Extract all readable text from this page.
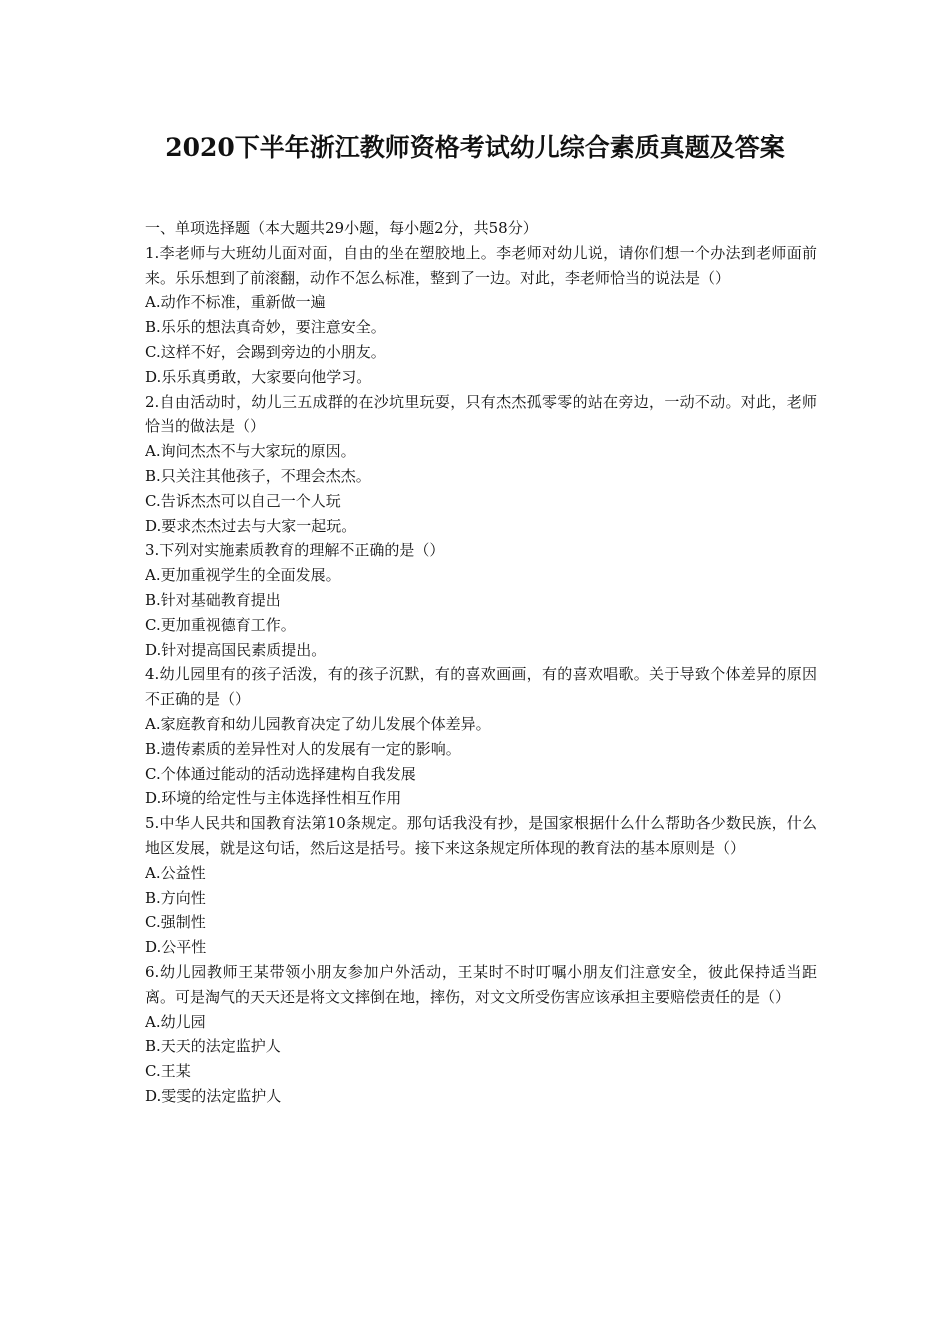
2020下半年浙江教师资格考试幼儿综合素质真题及答案
一、单项选择题（本大题共29小题，每小题2分，共58分）
1.李老师与大班幼儿面对面，自由的坐在塑胶地上。李老师对幼儿说，请你们想一个办法到老师面前来。乐乐想到了前滚翻，动作不怎么标准，整到了一边。对此，李老师恰当的说法是（）
A.动作不标准，重新做一遍
B.乐乐的想法真奇妙，要注意安全。
C.这样不好，会踢到旁边的小朋友。
D.乐乐真勇敢，大家要向他学习。
2.自由活动时，幼儿三五成群的在沙坑里玩耍，只有杰杰孤零零的站在旁边，一动不动。对此，老师恰当的做法是（）
A.询问杰杰不与大家玩的原因。
B.只关注其他孩子，不理会杰杰。
C.告诉杰杰可以自己一个人玩
D.要求杰杰过去与大家一起玩。
3.下列对实施素质教育的理解不正确的是（）
A.更加重视学生的全面发展。
B.针对基础教育提出
C.更加重视德育工作。
D.针对提高国民素质提出。
4.幼儿园里有的孩子活泼，有的孩子沉默，有的喜欢画画，有的喜欢唱歌。关于导致个体差异的原因不正确的是（）
A.家庭教育和幼儿园教育决定了幼儿发展个体差异。
B.遗传素质的差异性对人的发展有一定的影响。
C.个体通过能动的活动选择建构自我发展
D.环境的给定性与主体选择性相互作用
5.中华人民共和国教育法第10条规定。那句话我没有抄，是国家根据什么什么帮助各少数民族，什么地区发展，就是这句话，然后这是括号。接下来这条规定所体现的教育法的基本原则是（）
A.公益性
B.方向性
C.强制性
D.公平性
6.幼儿园教师王某带领小朋友参加户外活动，王某时不时叮嘱小朋友们注意安全，彼此保持适当距离。可是淘气的天天还是将文文摔倒在地，摔伤，对文文所受伤害应该承担主要赔偿责任的是（）
A.幼儿园
B.天天的法定监护人
C.王某
D.雯雯的法定监护人
